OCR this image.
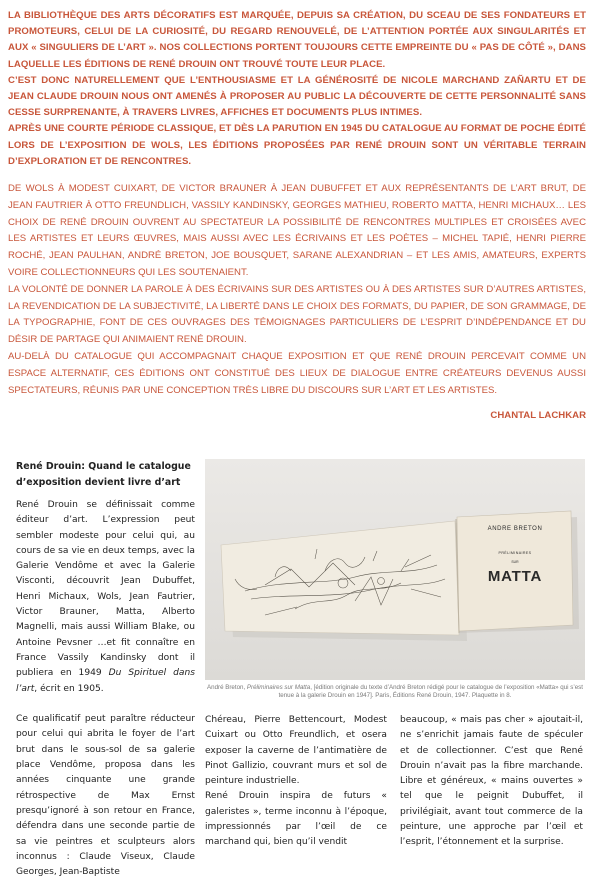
LA BIBLIOTHÈQUE DES ARTS DÉCORATIFS EST MARQUÉE, DEPUIS SA CRÉATION, DU SCEAU DE SES FONDATEURS ET PROMOTEURS, CELUI DE LA CURIOSITÉ, DU REGARD RENOUVELÉ, DE L’ATTENTION PORTÉE AUX SINGULARITÉS ET AUX « SINGULIERS DE L’ART ». NOS COLLECTIONS PORTENT TOUJOURS CETTE EMPREINTE DU « PAS DE CÔTÉ », DANS LAQUELLE LES ÉDITIONS DE RENÉ DROUIN ONT TROUVÉ TOUTE LEUR PLACE.

C’EST DONC NATURELLEMENT QUE L’ENTHOUSIASME ET LA GÉNÉROSITÉ DE NICOLE MARCHAND ZAÑARTU ET DE JEAN CLAUDE DROUIN NOUS ONT AMENÉS À PROPOSER AU PUBLIC LA DÉCOUVERTE DE CETTE PERSONNALITÉ SANS CESSE SURPRENANTE, À TRAVERS LIVRES, AFFICHES ET DOCUMENTS PLUS INTIMES.

APRÈS UNE COURTE PÉRIODE CLASSIQUE, ET DÈS LA PARUTION EN 1945 DU CATALOGUE AU FORMAT DE POCHE ÉDITÉ LORS DE L’EXPOSITION DE WOLS, LES ÉDITIONS PROPOSÉES PAR RENÉ DROUIN SONT UN VÉRITABLE TERRAIN D’EXPLORATION ET DE RENCONTRES.

DE WOLS À MODEST CUIXART, DE VICTOR BRAUNER À JEAN DUBUFFET ET AUX REPRÉSENTANTS DE L’ART BRUT, DE JEAN FAUTRIER À OTTO FREUNDLICH, VASSILY KANDINSKY, GEORGES MATHIEU, ROBERTO MATTA, HENRI MICHAUX… LES CHOIX DE RENÉ DROUIN OUVRENT AU SPECTATEUR LA POSSIBILITÉ DE RENCONTRES MULTIPLES ET CROISÉES AVEC LES ARTISTES ET LEURS ŒUVRES, MAIS AUSSI AVEC LES ÉCRIVAINS ET LES POÈTES – MICHEL TAPIÉ, HENRI PIERRE ROCHÉ, JEAN PAULHAN, ANDRÉ BRETON, JOE BOUSQUET, SARANE ALEXANDRIAN – ET LES AMIS, AMATEURS, EXPERTS VOIRE COLLECTIONNEURS QUI LES SOUTENAIENT.

LA VOLONTÉ DE DONNER LA PAROLE À DES ÉCRIVAINS SUR DES ARTISTES OU À DES ARTISTES SUR D’AUTRES ARTISTES, LA REVENDICATION DE LA SUBJECTIVITÉ, LA LIBERTÉ DANS LE CHOIX DES FORMATS, DU PAPIER, DE SON GRAMMAGE, DE LA TYPOGRAPHIE, FONT DE CES OUVRAGES DES TÉMOIGNAGES PARTICULIERS DE L’ESPRIT D’INDÉPENDANCE ET DU DÉSIR DE PARTAGE QUI ANIMAIENT RENÉ DROUIN.

AU-DELÀ DU CATALOGUE QUI ACCOMPAGNAIT CHAQUE EXPOSITION ET QUE RENÉ DROUIN PERCEVAIT COMME UN ESPACE ALTERNATIF, CES ÉDITIONS ONT CONSTITUÉ DES LIEUX DE DIALOGUE ENTRE CRÉATEURS DEVENUS AUSSI SPECTATEURS, RÉUNIS PAR UNE CONCEPTION TRÈS LIBRE DU DISCOURS SUR L’ART ET LES ARTISTES.

CHANTAL LACHKAR
René Drouin: Quand le catalogue d’exposition devient livre d’art

René Drouin se définissait comme éditeur d’art. L’expression peut sembler modeste pour celui qui, au cours de sa vie en deux temps, avec la Galerie Vendôme et avec la Galerie Visconti, découvrit Jean Dubuffet, Henri Michaux, Wols, Jean Fautrier, Victor Brauner, Matta, Alberto Magnelli, mais aussi William Blake, ou Antoine Pevsner …et fit connaître en France Vassily Kandinsky dont il publiera en 1949 Du Spirituel dans l’art, écrit en 1905.

Ce qualificatif peut paraître réducteur pour celui qui abrita le foyer de l’art brut dans le sous-sol de sa galerie place Vendôme, proposa dans les années cinquante une grande rétrospective de Max Ernst presqu’ignoré à son retour en France, défendra dans une seconde partie de sa vie peintres et sculpteurs alors inconnus : Claude Viseux, Claude Georges, Jean-Baptiste

ANDRE BRETON
PRÉLIMINAIRES
SUR
MATTA
André Breton, Préliminaires sur Matta, [édition originale du texte d’André Breton rédigé pour le catalogue de l’exposition «Matta» qui s’est tenue à la galerie Drouin en 1947]. Paris, Éditions René Drouin, 1947. Plaquette in 8.

Chéreau, Pierre Bettencourt, Modest Cuixart ou Otto Freundlich, et osera exposer la caverne de l’antimatière de Pinot Gallizio, couvrant murs et sol de peinture industrielle.

René Drouin inspira de futurs « galeristes », terme inconnu à l’époque, impressionnés par l’œil de ce marchand qui, bien qu’il vendit

beaucoup, « mais pas cher » ajoutait-il, ne s’enrichit jamais faute de spéculer et de collectionner. C’est que René Drouin n’avait pas la fibre marchande. Libre et généreux, « mains ouvertes » tel que le peignit Dubuffet, il privilégiait, avant tout commerce de la peinture, une approche par l’œil et l’esprit, l’étonnement et la surprise.
